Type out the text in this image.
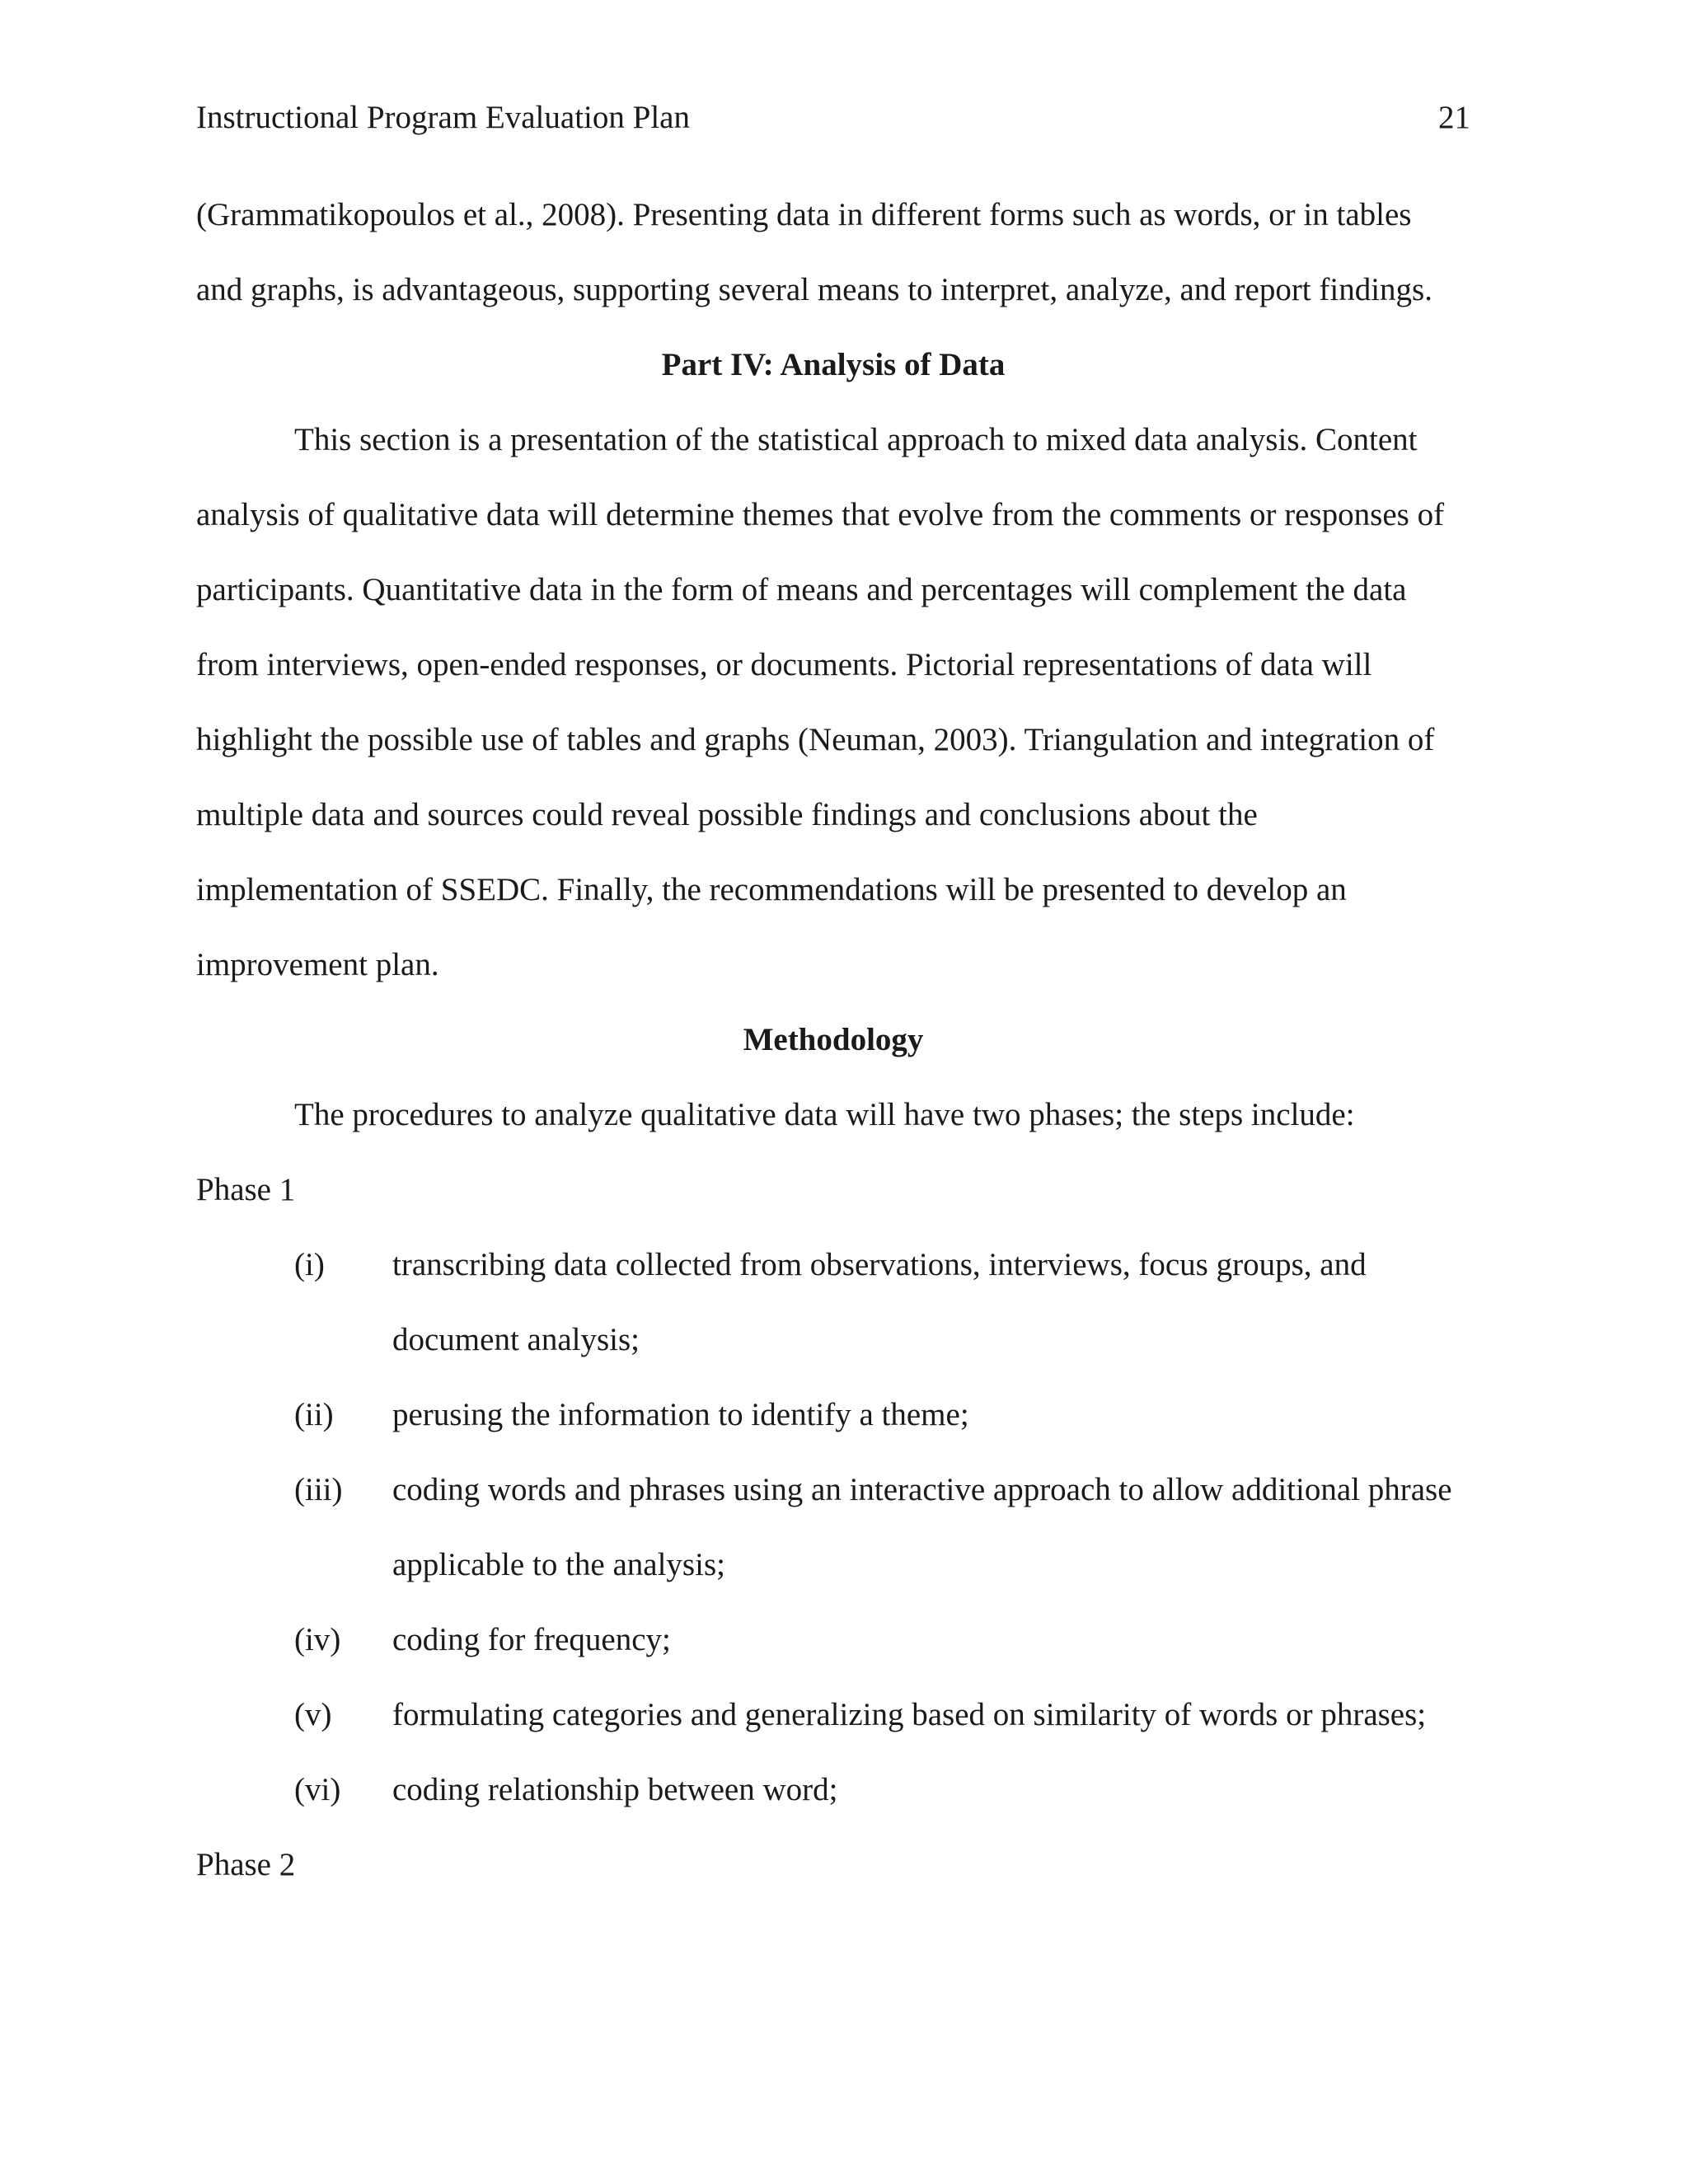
Instructional Program Evaluation Plan	21
(Grammatikopoulos et al., 2008). Presenting data in different forms such as words, or in tables
and graphs, is advantageous, supporting several means to interpret, analyze, and report findings.
Part IV: Analysis of Data
This section is a presentation of the statistical approach to mixed data analysis. Content
analysis of qualitative data will determine themes that evolve from the comments or responses of
participants. Quantitative data in the form of means and percentages will complement the data
from interviews, open-ended responses, or documents. Pictorial representations of data will
highlight the possible use of tables and graphs (Neuman, 2003). Triangulation and integration of
multiple data and sources could reveal possible findings and conclusions about the
implementation of SSEDC. Finally, the recommendations will be presented to develop an
improvement plan.
Methodology
The procedures to analyze qualitative data will have two phases; the steps include:
Phase 1
(i) transcribing data collected from observations, interviews, focus groups, and
document analysis;
(ii) perusing the information to identify a theme;
(iii) coding words and phrases using an interactive approach to allow additional phrase
applicable to the analysis;
(iv) coding for frequency;
(v) formulating categories and generalizing based on similarity of words or phrases;
(vi) coding relationship between word;
Phase 2
